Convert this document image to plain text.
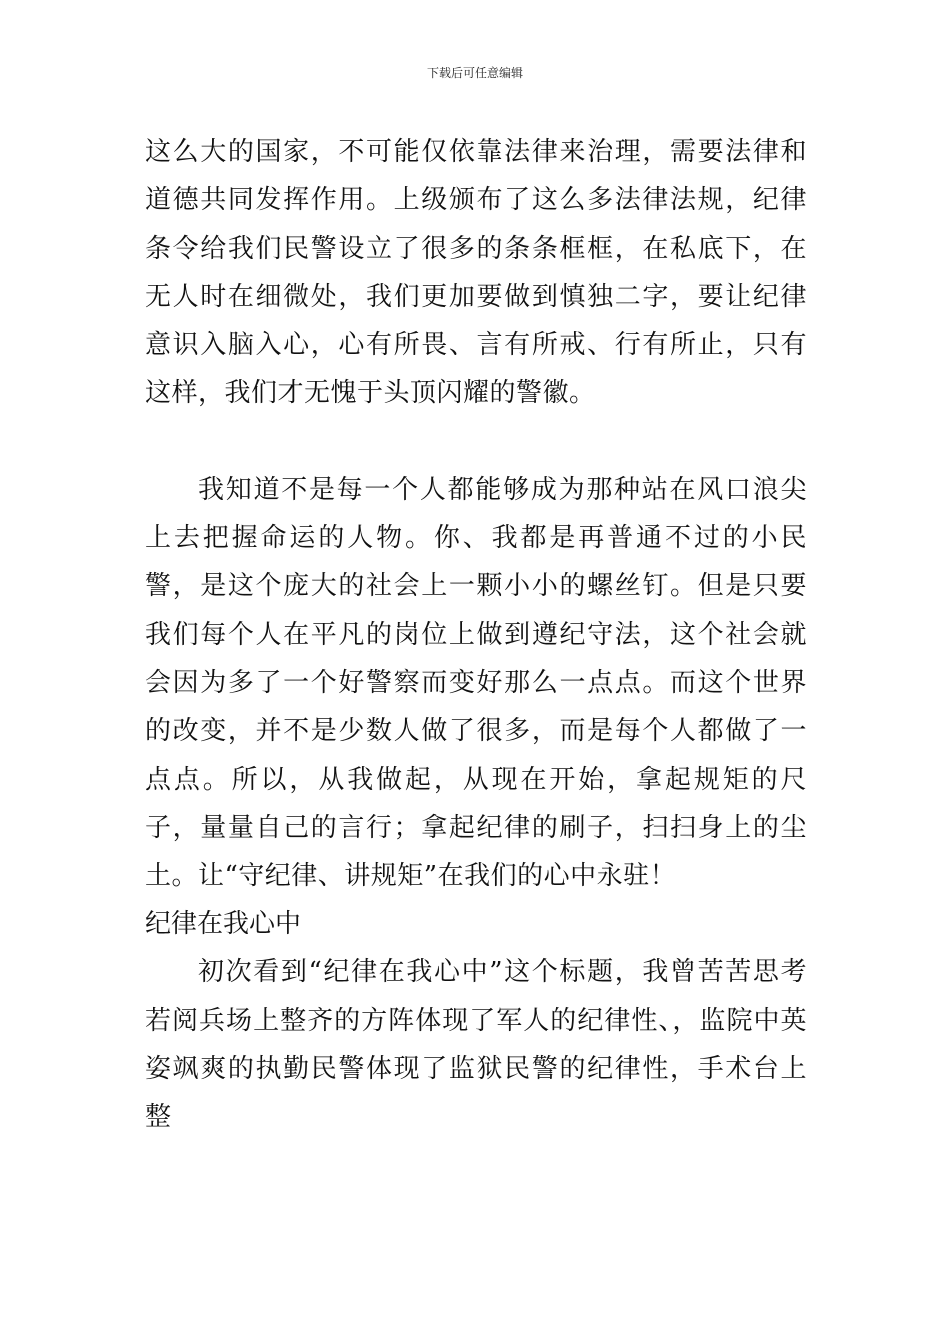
下载后可任意编辑

这么大的国家，不可能仅依靠法律来治理，需要法律和道德共同发挥作用。上级颁布了这么多法律法规，纪律条令给我们民警设立了很多的条条框框，在私底下，在无人时在细微处，我们更加要做到慎独二字，要让纪律意识入脑入心，心有所畏、言有所戒、行有所止，只有这样，我们才无愧于头顶闪耀的警徽。

我知道不是每一个人都能够成为那种站在风口浪尖上去把握命运的人物。你、我都是再普通不过的小民警，是这个庞大的社会上一颗小小的螺丝钉。但是只要我们每个人在平凡的岗位上做到遵纪守法，这个社会就会因为多了一个好警察而变好那么一点点。而这个世界的改变，并不是少数人做了很多，而是每个人都做了一点点。所以，从我做起，从现在开始，拿起规矩的尺子，量量自己的言行；拿起纪律的刷子，扫扫身上的尘土。让“守纪律、讲规矩”在我们的心中永驻！

纪律在我心中

初次看到“纪律在我心中”这个标题，我曾苦苦思考若阅兵场上整齐的方阵体现了军人的纪律性、，监院中英姿飒爽的执勤民警体现了监狱民警的纪律性，手术台上整
